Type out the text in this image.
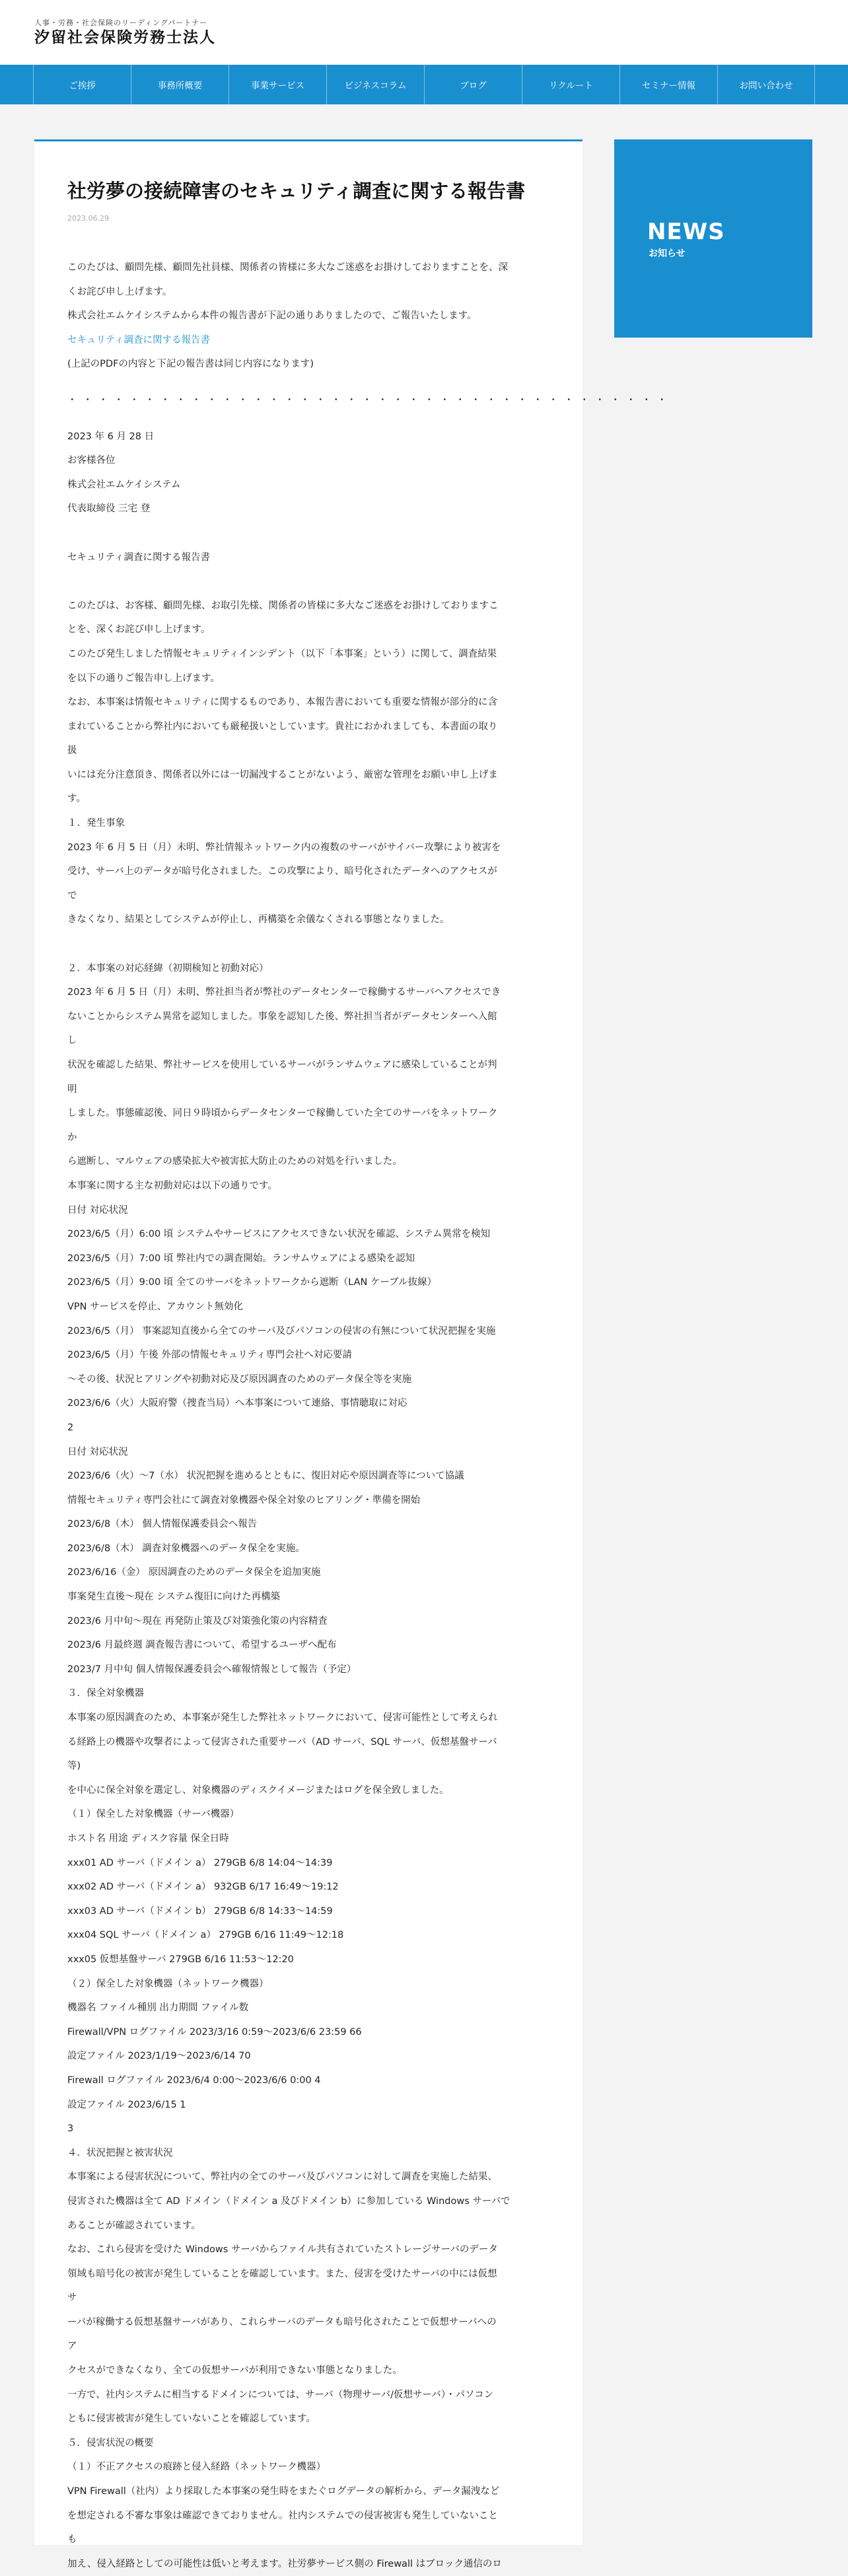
人事・労務・社会保険のリーディングパートナー
汐留社会保険労務士法人
ご挨拶	事務所概要	事業サービス	ビジネスコラム	ブログ	リクルート	セミナー情報	お問い合わせ
社労夢の接続障害のセキュリティ調査に関する報告書
2023.06.29
このたびは、顧問先様、顧問先社員様、関係者の皆様に多大なご迷惑をお掛けしておりますことを、深
くお詫び申し上げます。
株式会社エムケイシステムから本件の報告書が下記の通りありましたので、ご報告いたします。
セキュリティ調査に関する報告書
(上記のPDFの内容と下記の報告書は同じ内容になります)
・・・・・・・・・・・・・・・・・・・・・・・・・・・・・・・・・・・・・・・
2023 年 6 月 28 日
お客様各位
株式会社エムケイシステム
代表取締役 三宅 登
セキュリティ調査に関する報告書
このたびは、お客様、顧問先様、お取引先様、関係者の皆様に多大なご迷惑をお掛けしておりますこ
とを、深くお詫び申し上げます。
このたび発生しました情報セキュリティインシデント（以下「本事案」という）に関して、調査結果
を以下の通りご報告申し上げます。
なお、本事案は情報セキュリティに関するものであり、本報告書においても重要な情報が部分的に含
まれていることから弊社内においても厳秘扱いとしています。貴社におかれましても、本書面の取り
扱
いには充分注意頂き、関係者以外には一切漏洩することがないよう、厳密な管理をお願い申し上げま
す。
１．発生事象
2023 年 6 月 5 日（月）未明、弊社情報ネットワーク内の複数のサーバがサイバー攻撃により被害を
受け、サーバ上のデータが暗号化されました。この攻撃により、暗号化されたデータへのアクセスが
で
きなくなり、結果としてシステムが停止し、再構築を余儀なくされる事態となりました。
２．本事案の対応経緯（初期検知と初動対応）
2023 年 6 月 5 日（月）未明、弊社担当者が弊社のデータセンターで稼働するサーバへアクセスでき
ないことからシステム異常を認知しました。事象を認知した後、弊社担当者がデータセンターへ入館
し
状況を確認した結果、弊社サービスを使用しているサーバがランサムウェアに感染していることが判
明
しました。事態確認後、同日９時頃からデータセンターで稼働していた全てのサーバをネットワーク
か
ら遮断し、マルウェアの感染拡大や被害拡大防止のための対処を行いました。
本事案に関する主な初動対応は以下の通りです。
日付 対応状況
2023/6/5（月）6:00 頃 システムやサービスにアクセスできない状況を確認、システム異常を検知
2023/6/5（月）7:00 頃 弊社内での調査開始。ランサムウェアによる感染を認知
2023/6/5（月）9:00 頃 全てのサーバをネットワークから遮断（LAN ケーブル抜線）
VPN サービスを停止、アカウント無効化
2023/6/5（月） 事案認知直後から全てのサーバ及びパソコンの侵害の有無について状況把握を実施
2023/6/5（月）午後 外部の情報セキュリティ専門会社へ対応要請
〜その後、状況ヒアリングや初動対応及び原因調査のためのデータ保全等を実施
2023/6/6（火）大阪府警（捜査当局）へ本事案について連絡、事情聴取に対応
2
日付 対応状況
2023/6/6（火）〜7（水） 状況把握を進めるとともに、復旧対応や原因調査等について協議
情報セキュリティ専門会社にて調査対象機器や保全対象のヒアリング・準備を開始
2023/6/8（木） 個人情報保護委員会へ報告
2023/6/8（木） 調査対象機器へのデータ保全を実施。
2023/6/16（金） 原因調査のためのデータ保全を追加実施
事案発生直後〜現在 システム復旧に向けた再構築
2023/6 月中旬〜現在 再発防止策及び対策強化策の内容精査
2023/6 月最終週 調査報告書について、希望するユーザへ配布
2023/7 月中旬 個人情報保護委員会へ確報情報として報告（予定）
３．保全対象機器
本事案の原因調査のため、本事案が発生した弊社ネットワークにおいて、侵害可能性として考えられ
る経路上の機器や攻撃者によって侵害された重要サーバ（AD サーバ、SQL サーバ、仮想基盤サーバ
等)
を中心に保全対象を選定し、対象機器のディスクイメージまたはログを保全致しました。
（１）保全した対象機器（サーバ機器）
ホスト名 用途 ディスク容量 保全日時
xxx01 AD サーバ（ドメイン a） 279GB 6/8 14:04〜14:39
xxx02 AD サーバ（ドメイン a） 932GB 6/17 16:49〜19:12
xxx03 AD サーバ（ドメイン b） 279GB 6/8 14:33〜14:59
xxx04 SQL サーバ（ドメイン a） 279GB 6/16 11:49〜12:18
xxx05 仮想基盤サーバ 279GB 6/16 11:53〜12:20
（２）保全した対象機器（ネットワーク機器）
機器名 ファイル種別 出力期間 ファイル数
Firewall/VPN ログファイル 2023/3/16 0:59〜2023/6/6 23:59 66
設定ファイル 2023/1/19〜2023/6/14 70
Firewall ログファイル 2023/6/4 0:00〜2023/6/6 0:00 4
設定ファイル 2023/6/15 1
3
４．状況把握と被害状況
本事案による侵害状況について、弊社内の全てのサーバ及びパソコンに対して調査を実施した結果、
侵害された機器は全て AD ドメイン（ドメイン a 及びドメイン b）に参加している Windows サーバで
あることが確認されています。
なお、これら侵害を受けた Windows サーバからファイル共有されていたストレージサーバのデータ
領域も暗号化の被害が発生していることを確認しています。また、侵害を受けたサーバの中には仮想
サ
ーバが稼働する仮想基盤サーバがあり、これらサーバのデータも暗号化されたことで仮想サーバへの
ア
クセスができなくなり、全ての仮想サーバが利用できない事態となりました。
一方で、社内システムに相当するドメインについては、サーバ（物理サーバ/仮想サーバ）・パソコン
ともに侵害被害が発生していないことを確認しています。
５．侵害状況の概要
（１）不正アクセスの痕跡と侵入経路（ネットワーク機器）
VPN Firewall（社内）より採取した本事案の発生時をまたぐログデータの解析から、データ漏洩など
を想定される不審な事象は確認できておりません。社内システムでの侵害被害も発生していないこと
も
加え、侵入経路としての可能性は低いと考えます。社労夢サービス側の Firewall はブロック通信のロ
NEWS
お知らせ
